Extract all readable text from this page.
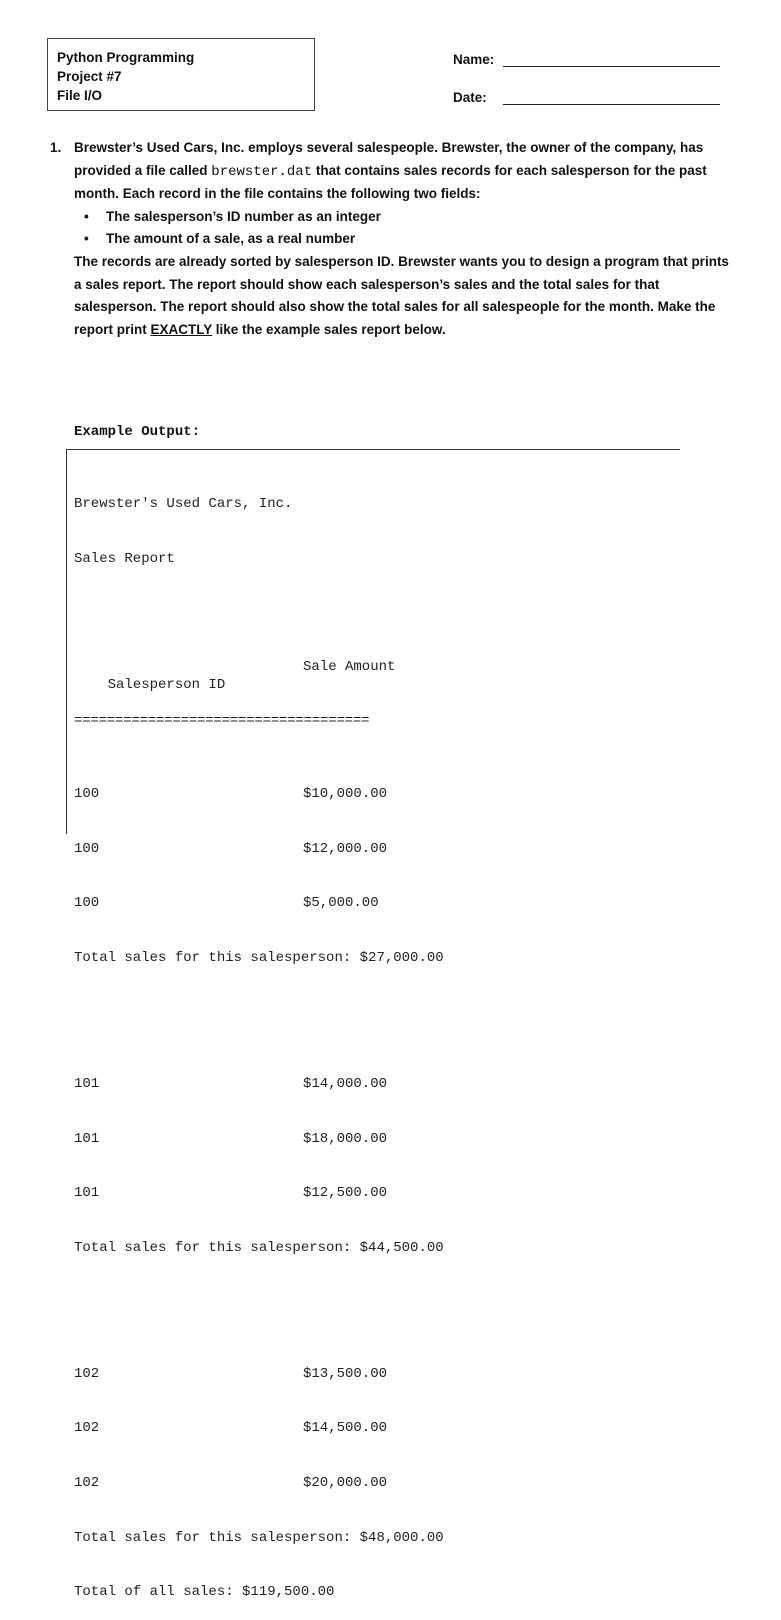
Python Programming
Project #7
File I/O
Name:
Date:
1. Brewster’s Used Cars, Inc. employs several salespeople. Brewster, the owner of the company, has provided a file called brewster.dat that contains sales records for each salesperson for the past month. Each record in the file contains the following two fields:
• The salesperson’s ID number as an integer
• The amount of a sale, as a real number
The records are already sorted by salesperson ID. Brewster wants you to design a program that prints a sales report. The report should show each salesperson’s sales and the total sales for that salesperson. The report should also show the total sales for all salespeople for the month. Make the report print EXACTLY like the example sales report below.
Example Output:

Brewster's Used Cars, Inc.

Sales Report

Salesperson ID

Sale Amount

====================================

100	$10,000.00

100	$12,000.00

100	$5,000.00

Total sales for this salesperson: $27,000.00

101	$14,000.00

101	$18,000.00

101	$12,500.00

Total sales for this salesperson: $44,500.00

102	$13,500.00

102	$14,500.00

102	$20,000.00

Total sales for this salesperson: $48,000.00

Total of all sales: $119,500.00
